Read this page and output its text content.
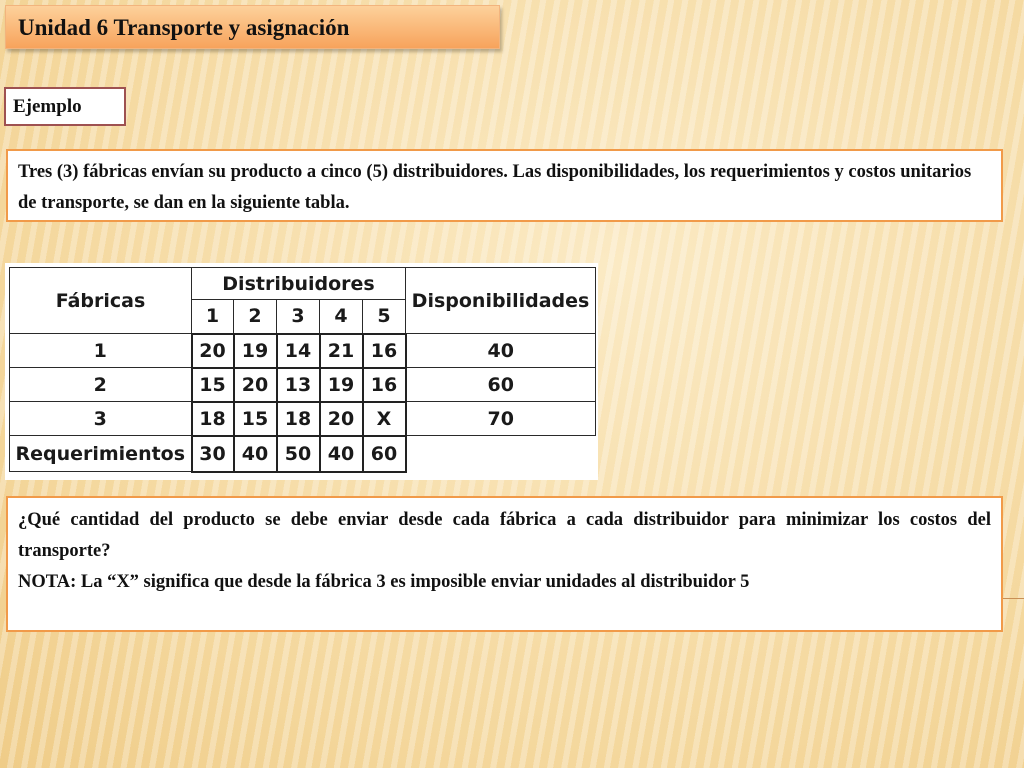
Unidad 6 Transporte y asignación
Ejemplo
Tres (3) fábricas envían su producto a cinco (5) distribuidores. Las disponibilidades, los requerimientos y costos unitarios de transporte, se dan en la siguiente tabla.
Fábricas	Distribuidores					Disponibilidades
	1	2	3	4	5	
1	20	19	14	21	16	40
2	15	20	13	19	16	60
3	18	15	18	20	X	70
Requerimientos	30	40	50	40	60	

¿Qué cantidad del producto se debe enviar desde cada fábrica a cada distribuidor para minimizar los costos del transporte?

NOTA: La “X” significa que desde la fábrica 3 es imposible enviar unidades al distribuidor 5
